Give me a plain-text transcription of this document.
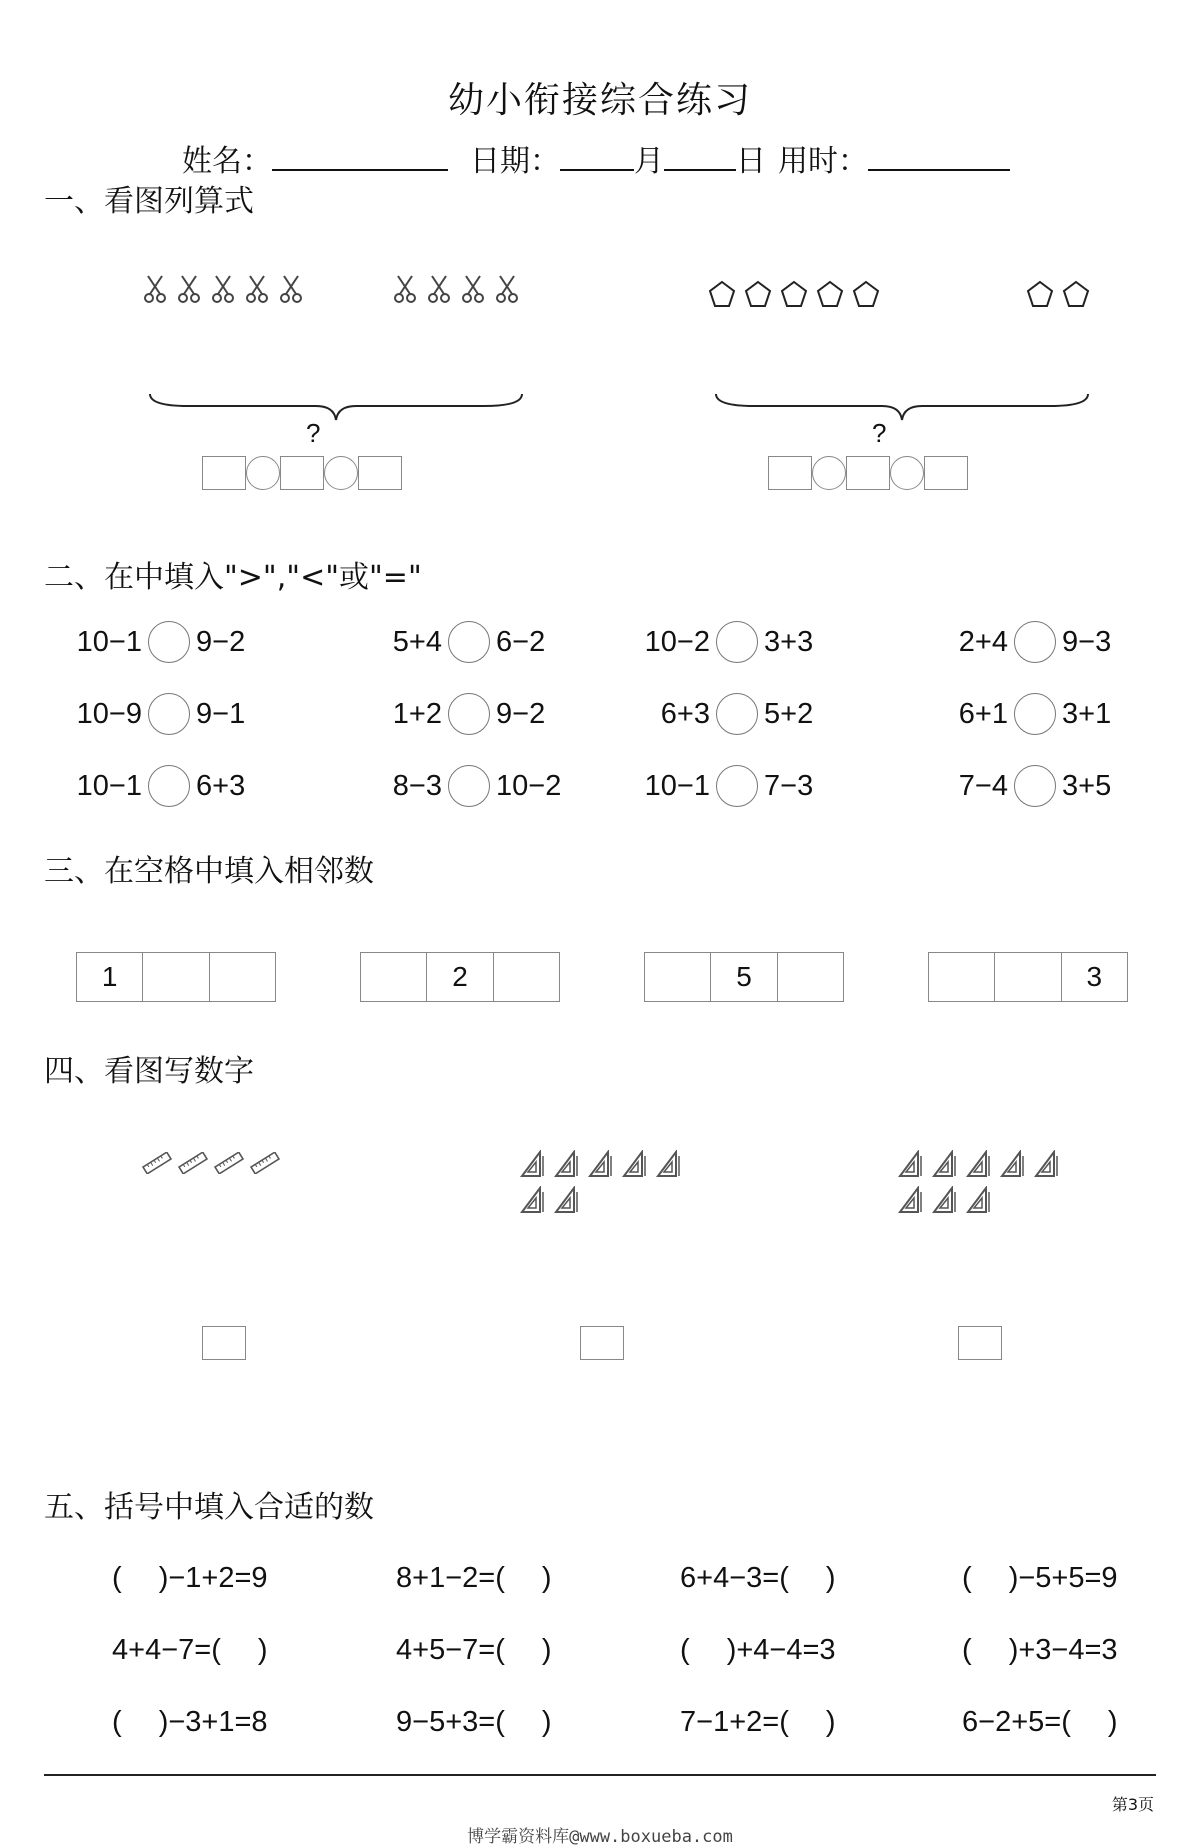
幼小衔接综合练习
姓名：	日期： 月 日 用时：
一、看图列算式
?	?
二、在中填入">","<"或"="
10−1 9−2	5+4 6−2	10−2 3+3	2+4 9−3
10−9 9−1	1+2 9−2	6+3 5+2	6+1 3+1
10−1 6+3	8−3 10−2	10−1 7−3	7−4 3+5
三、在空格中填入相邻数
1	2	5	3
四、看图写数字
五、括号中填入合适的数
(　 )−1+2=9	8+1−2=(　 )	6+4−3=(　 )	(　 )−5+5=9
4+4−7=(　 )	4+5−7=(　 )	(　 )+4−4=3	(　 )+3−4=3
(　 )−3+1=8	9−5+3=(　 )	7−1+2=(　 )	6−2+5=(　 )
第3页
博学霸资料库@www.boxueba.com
